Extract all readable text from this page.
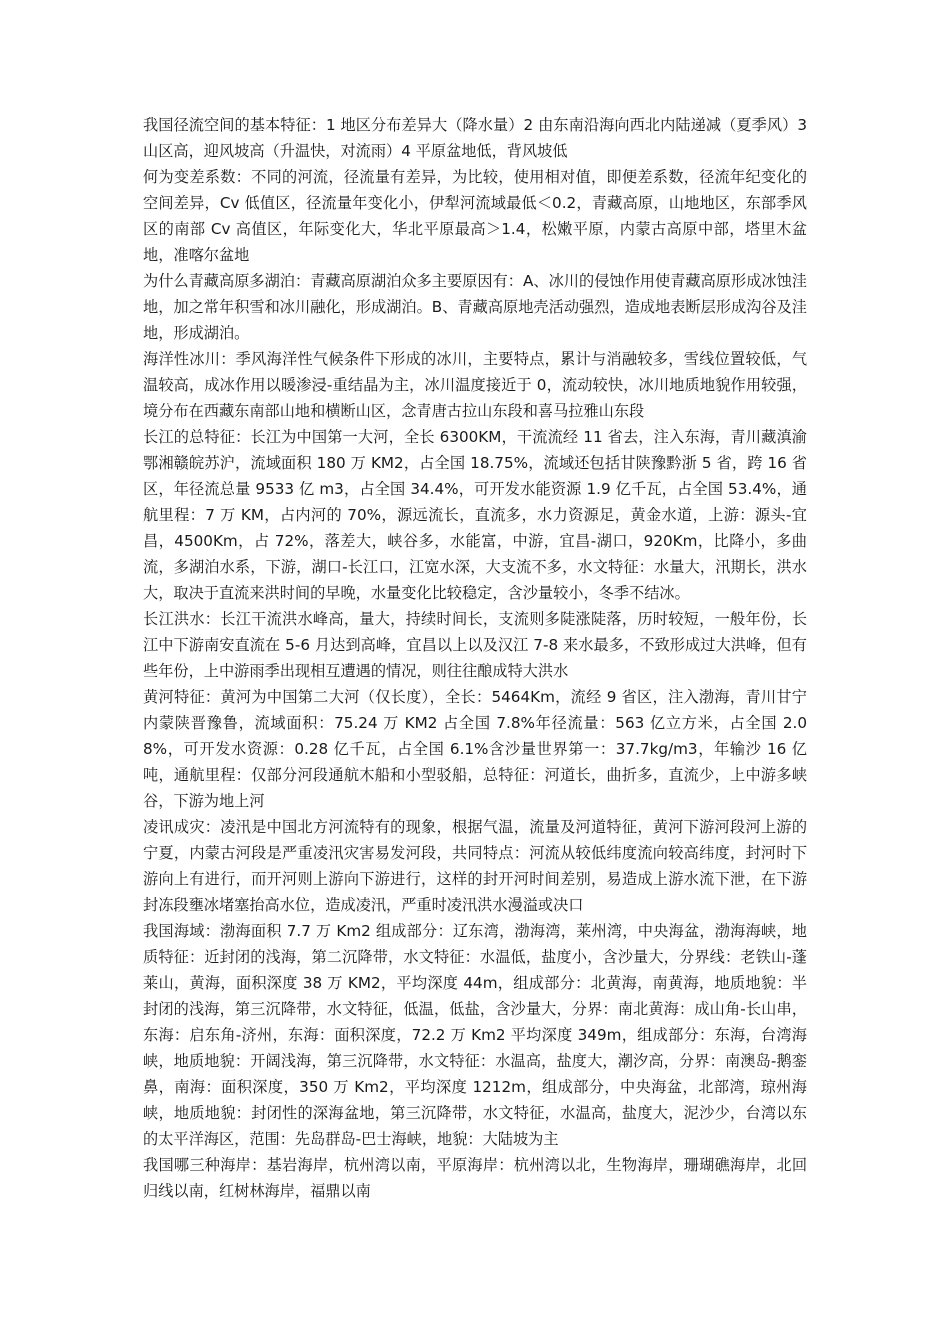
我国径流空间的基本特征：1 地区分布差异大（降水量）2 由东南沿海向西北内陆递减（夏季风）3 山区高，迎风坡高（升温快，对流雨）4 平原盆地低，背风坡低

何为变差系数：不同的河流，径流量有差异，为比较，使用相对值，即便差系数，径流年纪变化的空间差异，Cv 低值区，径流量年变化小，伊犁河流域最低＜0.2，青藏高原，山地地区，东部季风区的南部 Cv 高值区，年际变化大，华北平原最高＞1.4，松嫩平原，内蒙古高原中部，塔里木盆地，准喀尔盆地

为什么青藏高原多湖泊：青藏高原湖泊众多主要原因有：A、冰川的侵蚀作用使青藏高原形成冰蚀洼地，加之常年积雪和冰川融化，形成湖泊。B、青藏高原地壳活动强烈，造成地表断层形成沟谷及洼地，形成湖泊。

海洋性冰川：季风海洋性气候条件下形成的冰川，主要特点，累计与消融较多，雪线位置较低，气温较高，成冰作用以暖渗浸-重结晶为主，冰川温度接近于 0，流动较快，冰川地质地貌作用较强，境分布在西藏东南部山地和横断山区，念青唐古拉山东段和喜马拉雅山东段

长江的总特征：长江为中国第一大河，全长 6300KM，干流流经 11 省去，注入东海，青川藏滇渝鄂湘赣皖苏沪，流域面积 180 万 KM2，占全国 18.75%，流域还包括甘陕豫黔浙 5 省，跨 16 省区，年径流总量 9533 亿 m3，占全国 34.4%，可开发水能资源 1.9 亿千瓦，占全国 53.4%，通航里程：7 万 KM，占内河的 70%，源远流长，直流多，水力资源足，黄金水道，上游：源头-宜昌，4500Km，占 72%，落差大，峡谷多，水能富，中游，宜昌-湖口，920Km，比降小，多曲流，多湖泊水系，下游，湖口-长江口，江宽水深，大支流不多，水文特征：水量大，汛期长，洪水大，取决于直流来洪时间的早晚，水量变化比较稳定，含沙量较小，冬季不结冰。

长江洪水：长江干流洪水峰高，量大，持续时间长，支流则多陡涨陡落，历时较短，一般年份，长江中下游南安直流在 5-6 月达到高峰，宜昌以上以及汉江 7-8 来水最多，不致形成过大洪峰，但有些年份，上中游雨季出现相互遭遇的情况，则往往酿成特大洪水

黄河特征：黄河为中国第二大河（仅长度），全长：5464Km，流经 9 省区，注入渤海，青川甘宁内蒙陕晋豫鲁，流域面积：75.24 万 KM2 占全国 7.8%年径流量：563 亿立方米，占全国 2.08%，可开发水资源：0.28 亿千瓦，占全国 6.1%含沙量世界第一：37.7kg/m3，年输沙 16 亿吨，通航里程：仅部分河段通航木船和小型驳船，总特征：河道长，曲折多，直流少，上中游多峡谷，下游为地上河

凌讯成灾：凌汛是中国北方河流特有的现象，根据气温，流量及河道特征，黄河下游河段河上游的宁夏，内蒙古河段是严重凌汛灾害易发河段，共同特点：河流从较低纬度流向较高纬度，封河时下游向上有进行，而开河则上游向下游进行，这样的封开河时间差别，易造成上游水流下泄，在下游封冻段壅冰堵塞抬高水位，造成凌汛，严重时凌汛洪水漫溢或决口

我国海域：渤海面积 7.7 万 Km2 组成部分：辽东湾，渤海湾，莱州湾，中央海盆，渤海海峡，地质特征：近封闭的浅海，第二沉降带，水文特征：水温低，盐度小，含沙量大，分界线：老铁山-蓬莱山，黄海，面积深度 38 万 KM2，平均深度 44m，组成部分：北黄海，南黄海，地质地貌：半封闭的浅海，第三沉降带，水文特征，低温，低盐，含沙量大，分界：南北黄海：成山角-长山串，东海：启东角-济州，东海：面积深度，72.2 万 Km2 平均深度 349m，组成部分：东海，台湾海峡，地质地貌：开阔浅海，第三沉降带，水文特征：水温高，盐度大，潮汐高，分界：南澳岛-鹅銮鼻，南海：面积深度，350 万 Km2，平均深度 1212m，组成部分，中央海盆，北部湾，琼州海峡，地质地貌：封闭性的深海盆地，第三沉降带，水文特征，水温高，盐度大，泥沙少，台湾以东的太平洋海区，范围：先岛群岛-巴士海峡，地貌：大陆坡为主

我国哪三种海岸：基岩海岸，杭州湾以南，平原海岸：杭州湾以北，生物海岸，珊瑚礁海岸，北回归线以南，红树林海岸，福鼎以南
